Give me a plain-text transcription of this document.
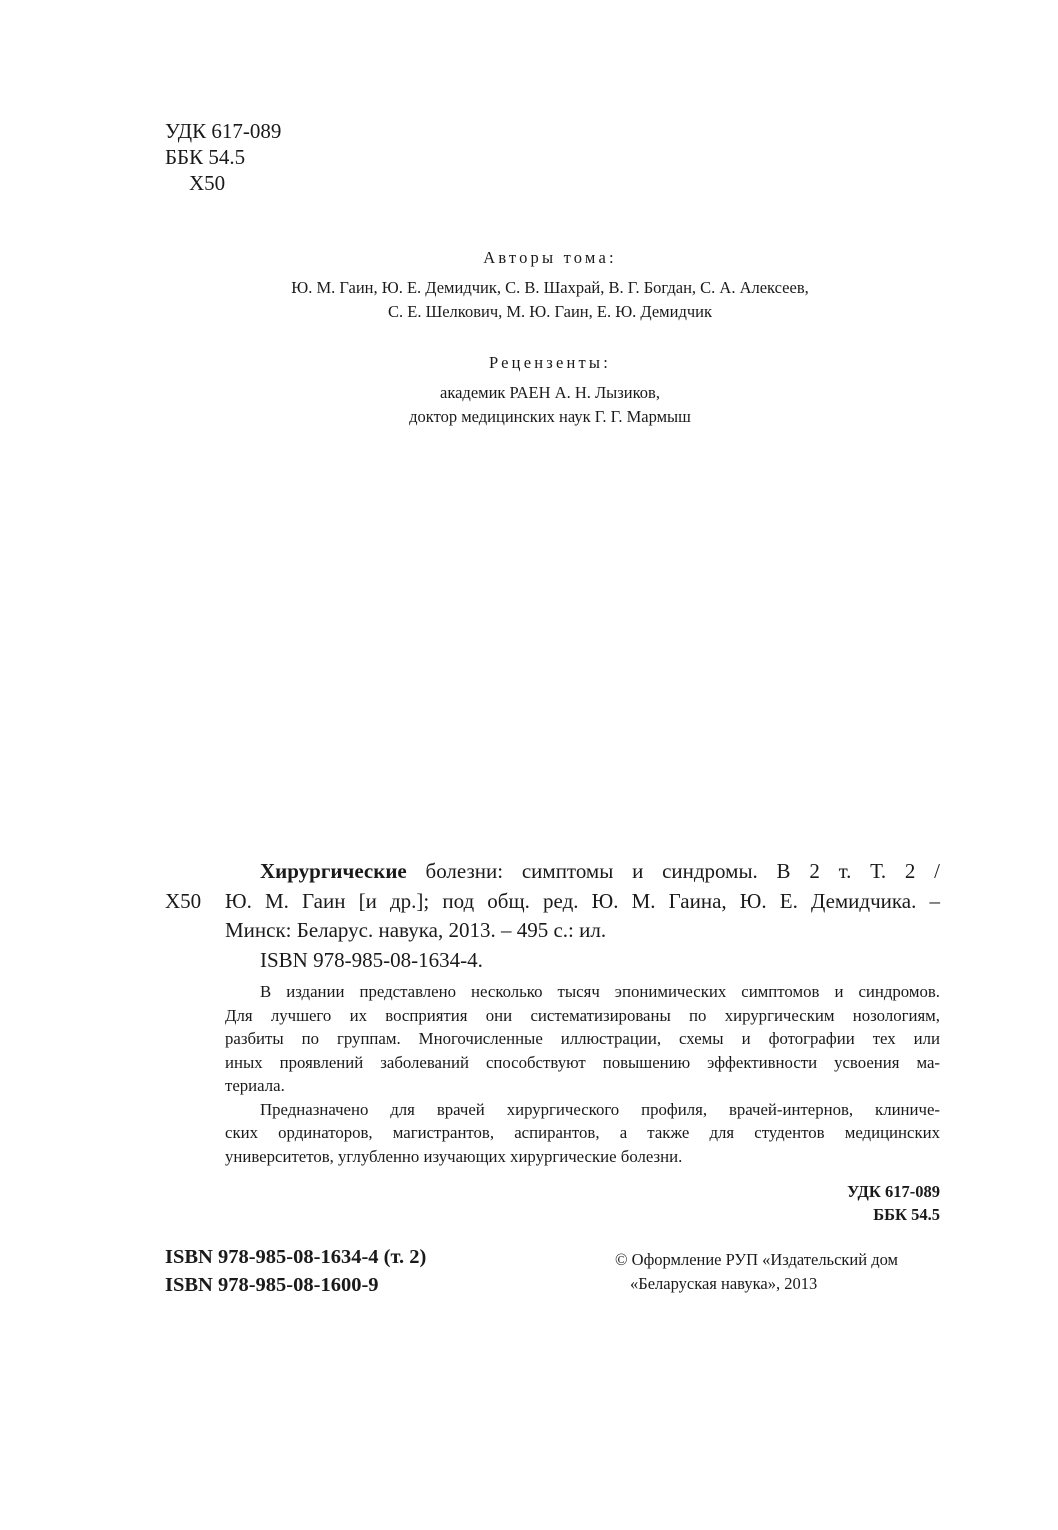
УДК 617-089
ББК 54.5
Х50
Авторы тома:
Ю. М. Гаин, Ю. Е. Демидчик, С. В. Шахрай, В. Г. Богдан, С. А. Алексеев,
С. Е. Шелкович, М. Ю. Гаин, Е. Ю. Демидчик
Рецензенты:
академик РАЕН А. Н. Лызиков,
доктор медицинских наук Г. Г. Мармыш
Хирургические болезни: симптомы и синдромы. В 2 т. Т. 2 /
Х50 Ю. М. Гаин [и др.]; под общ. ред. Ю. М. Гаина, Ю. Е. Демидчика. –
Минск: Беларус. навука, 2013. – 495 с.: ил.
ISBN 978-985-08-1634-4.
В издании представлено несколько тысяч эпонимических симптомов и синдромов.
Для лучшего их восприятия они систематизированы по хирургическим нозологиям,
разбиты по группам. Многочисленные иллюстрации, схемы и фотографии тех или
иных проявлений заболеваний способствуют повышению эффективности усвоения ма-
териала.
Предназначено для врачей хирургического профиля, врачей-интернов, клиниче-
ских ординаторов, магистрантов, аспирантов, а также для студентов медицинских
университетов, углубленно изучающих хирургические болезни.
УДК 617-089
ББК 54.5
ISBN 978-985-08-1634-4 (т. 2)
ISBN 978-985-08-1600-9
© Оформление РУП «Издательский дом
«Беларуская навука», 2013
